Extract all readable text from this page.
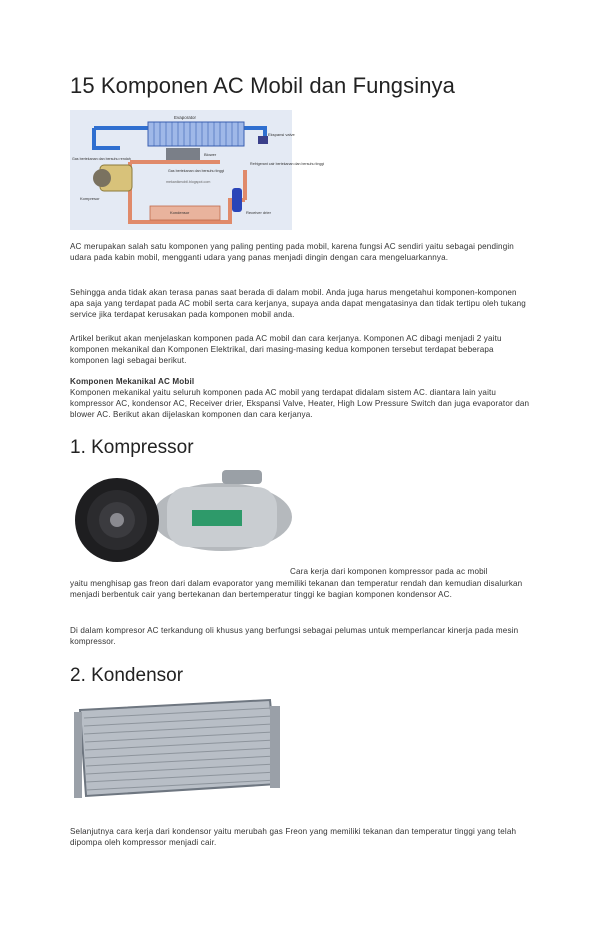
15 Komponen AC Mobil dan Fungsinya
Evaporator
Ekspansi valve
Blower
Gas bertekanan dan bersuhu rendah
Kompresor
Gas bertekanan dan bersuhu tinggi
Refrigerant cair bertekanan dan bersuhu tinggi
Kondensor	Receiver drier
mekanikmobil.blogspot.com

AC merupakan salah satu komponen yang paling penting pada mobil, karena fungsi AC sendiri yaitu sebagai pendingin udara pada kabin mobil, mengganti udara yang panas menjadi dingin dengan cara mengeluarkannya.

Sehingga anda tidak akan terasa panas saat berada di dalam mobil. Anda juga harus mengetahui komponen-komponen apa saja yang terdapat pada AC mobil serta cara kerjanya, supaya anda dapat mengatasinya dan tidak tertipu oleh tukang service jika terdapat kerusakan pada komponen mobil anda.

Artikel berikut akan menjelaskan komponen pada AC mobil dan cara kerjanya. Komponen AC dibagi menjadi 2 yaitu komponen mekanikal dan Komponen Elektrikal, dari masing-masing kedua komponen tersebut terdapat beberapa komponen lagi sebagai berikut.

Komponen Mekanikal AC Mobil

Komponen mekanikal yaitu seluruh komponen pada AC mobil yang terdapat didalam sistem AC. diantara lain yaitu kompressor AC, kondensor AC, Receiver drier, Ekspansi Valve, Heater, High Low Pressure Switch dan juga evaporator dan blower AC. Berikut akan dijelaskan komponen dan cara kerjanya.

1. Kompressor
Cara kerja dari komponen kompressor pada ac mobil

yaitu menghisap gas freon dari dalam evaporator yang memiliki tekanan dan temperatur rendah dan kemudian disalurkan menjadi berbentuk cair yang bertekanan dan bertemperatur tinggi ke bagian komponen kondensor AC.

Di dalam kompresor AC terkandung oli khusus yang berfungsi sebagai pelumas untuk memperlancar kinerja pada mesin kompressor.

2. Kondensor

Selanjutnya cara kerja dari kondensor yaitu merubah gas Freon yang memiliki tekanan dan temperatur tinggi yang telah dipompa oleh kompressor menjadi cair.
